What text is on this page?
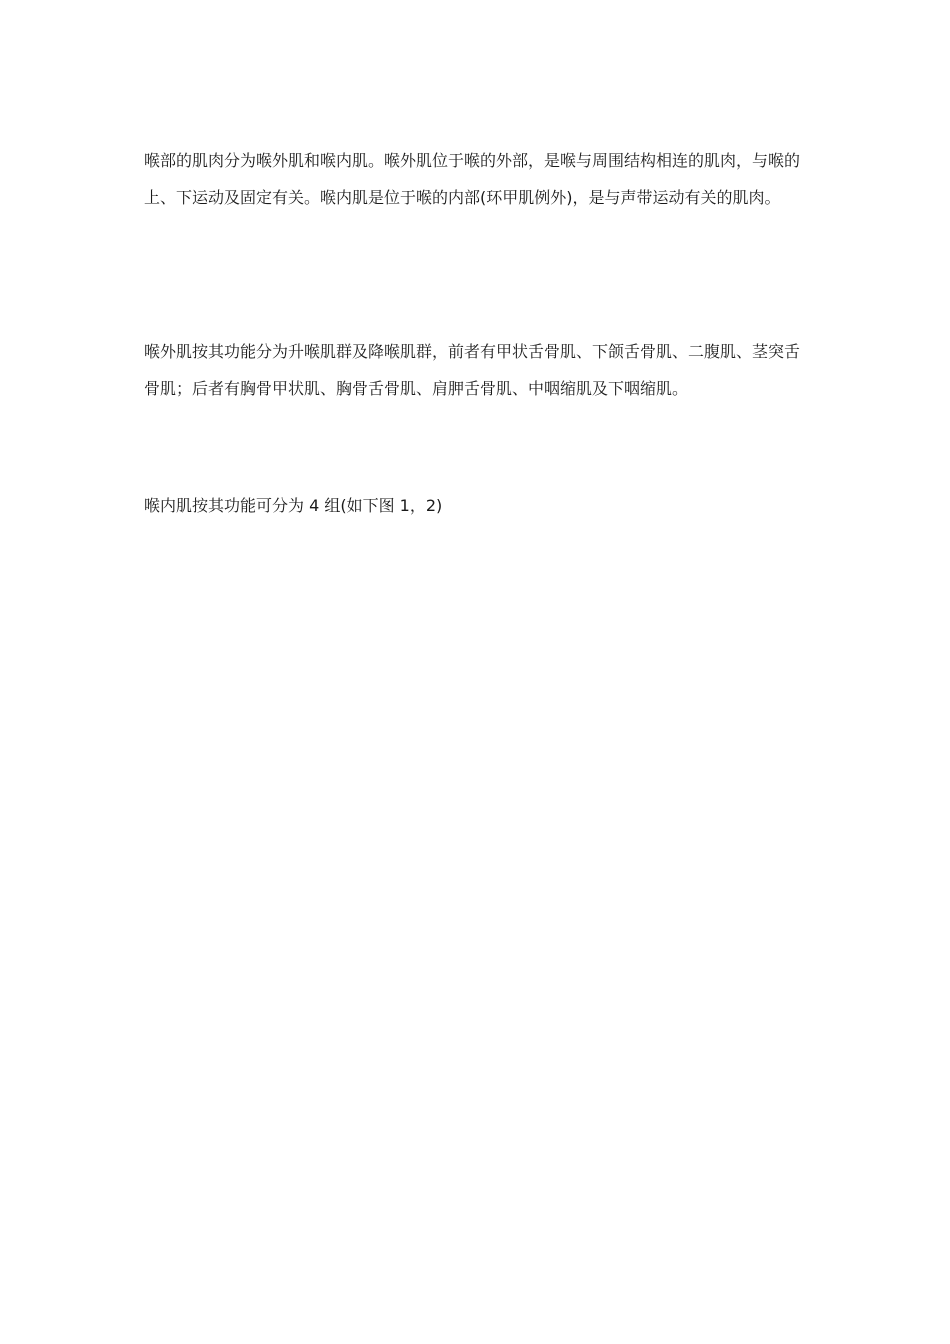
喉部的肌肉分为喉外肌和喉内肌。喉外肌位于喉的外部，是喉与周围结构相连的肌肉，与喉的上、下运动及固定有关。喉内肌是位于喉的内部(环甲肌例外)，是与声带运动有关的肌肉。

喉外肌按其功能分为升喉肌群及降喉肌群，前者有甲状舌骨肌、下颌舌骨肌、二腹肌、茎突舌骨肌；后者有胸骨甲状肌、胸骨舌骨肌、肩胛舌骨肌、中咽缩肌及下咽缩肌。

喉内肌按其功能可分为 4 组(如下图 1，2)
